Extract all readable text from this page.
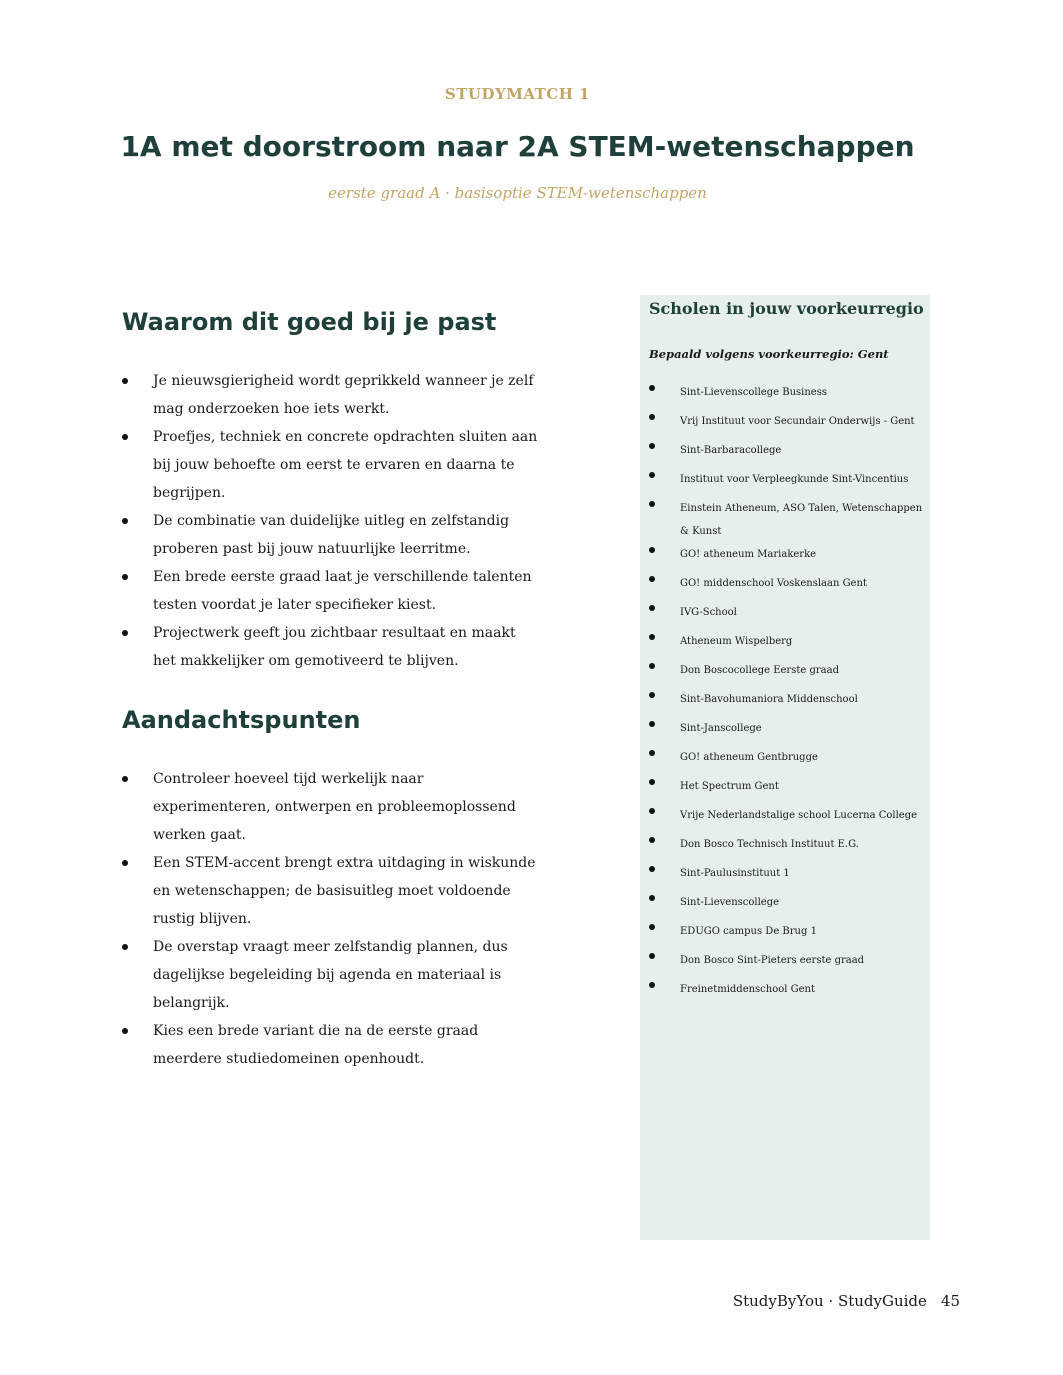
STUDYMATCH 1
1A met doorstroom naar 2A STEM-wetenschappen
eerste graad A · basisoptie STEM-wetenschappen
Waarom dit goed bij je past
Je nieuwsgierigheid wordt geprikkeld wanneer je zelf mag onderzoeken hoe iets werkt.
Proefjes, techniek en concrete opdrachten sluiten aan bij jouw behoefte om eerst te ervaren en daarna te begrijpen.
De combinatie van duidelijke uitleg en zelfstandig proberen past bij jouw natuurlijke leerritme.
Een brede eerste graad laat je verschillende talenten testen voordat je later specifieker kiest.
Projectwerk geeft jou zichtbaar resultaat en maakt het makkelijker om gemotiveerd te blijven.
Aandachtspunten
Controleer hoeveel tijd werkelijk naar experimenteren, ontwerpen en probleemoplossend werken gaat.
Een STEM-accent brengt extra uitdaging in wiskunde en wetenschappen; de basisuitleg moet voldoende rustig blijven.
De overstap vraagt meer zelfstandig plannen, dus dagelijkse begeleiding bij agenda en materiaal is belangrijk.
Kies een brede variant die na de eerste graad meerdere studiedomeinen openhoudt.
Scholen in jouw voorkeurregio
Bepaald volgens voorkeurregio: Gent
Sint-Lievenscollege Business
Vrij Instituut voor Secundair Onderwijs - Gent
Sint-Barbaracollege
Instituut voor Verpleegkunde Sint-Vincentius
Einstein Atheneum, ASO Talen, Wetenschappen & Kunst
GO! atheneum Mariakerke
GO! middenschool Voskenslaan Gent
IVG-School
Atheneum Wispelberg
Don Boscocollege Eerste graad
Sint-Bavohumaniora Middenschool
Sint-Janscollege
GO! atheneum Gentbrugge
Het Spectrum Gent
Vrije Nederlandstalige school Lucerna College
Don Bosco Technisch Instituut E.G.
Sint-Paulusinstituut 1
Sint-Lievenscollege
EDUGO campus De Brug 1
Don Bosco Sint-Pieters eerste graad
Freinetmiddenschool Gent
StudyByYou · StudyGuide 45
